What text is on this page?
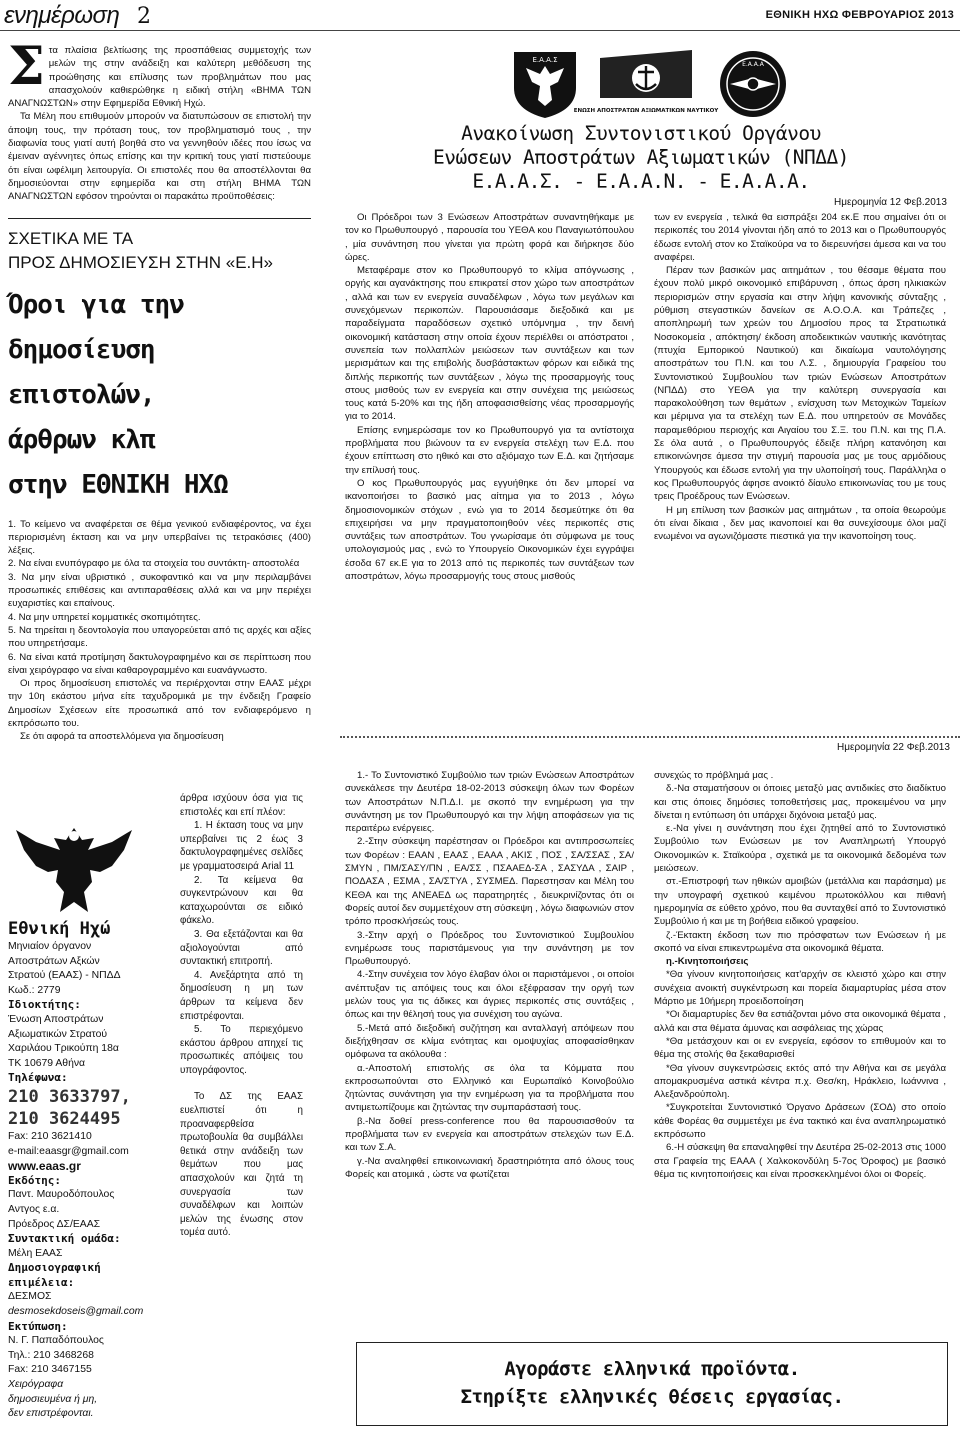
ενημέρωση 2	ΕΘΝΙΚΗ ΗΧΩ ΦΕΒΡΟΥΑΡΙΟΣ 2013

Στα πλαίσια βελτίωσης της προσπάθειας συμμετοχής των μελών της στην ανάδειξη και καλύτερη μεθόδευση της προώθησης και επίλυσης των προβλημάτων που μας απασχολούν καθιερώθηκε η ειδική στήλη «ΒΗΜΑ ΤΩΝ ΑΝΑΓΝΩΣΤΩΝ» στην Εφημερίδα Εθνική Ηχώ.

Τα Μέλη που επιθυμούν μπορούν να διατυπώσουν σε επιστολή την άποψη τους, την πρόταση τους, τον προβληματισμό τους , την διαφωνία τους γιατί αυτή βοηθά στο να γεννηθούν ιδέες που ίσως να έμειναν αγέννητες όπως επίσης και την κριτική τους γιατί πιστεύουμε ότι είναι ωφέλιμη λειτουργία. Οι επιστολές που θα αποστέλλονται θα δημοσιεύονται στην εφημερίδα και στη στήλη ΒΗΜΑ ΤΩΝ ΑΝΑΓΝΩΣΤΩΝ εφόσον τηρούνται οι παρακάτω προϋποθέσεις:

ΣΧΕΤΙΚΑ ΜΕ ΤΑ
ΠΡΟΣ ΔΗΜΟΣΙΕΥΣΗ ΣΤΗΝ «Ε.Η»
Όροι για την
δημοσίευση
επιστολών,
άρθρων κλπ
στην ΕΘΝΙΚΗ ΗΧΩ

1. Το κείμενο να αναφέρεται σε θέμα γενικού ενδιαφέροντος, να έχει περιορισμένη έκταση και να μην υπερβαίνει τις τετρακόσιες (400) λέξεις.

2. Να είναι ενυπόγραφο με όλα τα στοιχεία του συντάκτη- αποστολέα

3. Να μην είναι υβριστικό , συκοφαντικό και να μην περιλαμβάνει προσωπικές επιθέσεις και αντιπαραθέσεις αλλά και να μην περιέχει ευχαριστίες και επαίνους.

4. Να μην υπηρετεί κομματικές σκοπιμότητες.

5. Να τηρείται η δεοντολογία που υπαγορεύεται από τις αρχές και αξίες που υπηρετήσαμε.

6. Να είναι κατά προτίμηση δακτυλογραφημένο και σε περίπτωση που είναι χειρόγραφο να είναι καθαρογραμμένο και ευανάγνωστο.

Οι προς δημοσίευση επιστολές να περιέρχονται στην ΕΑΑΣ μέχρι την 10η εκάστου μήνα είτε ταχυδρομικά με την ένδειξη Γραφείο Δημοσίων Σχέσεων είτε προσωπικά από τον ενδιαφερόμενο η εκπρόσωπο του.

Σε ότι αφορά τα αποστελλόμενα για δημοσίευση

Εθνική Ηχώ
Μηνιαίον όργανον
Αποστράτων Αξκών
Στρατού (ΕΑΑΣ) - ΝΠΔΔ
Κωδ.: 2779
Ιδιοκτήτης:
Ένωση Αποστράτων
Αξιωματικών Στρατού
Χαριλάου Τρικούπη 18α
ΤΚ 10679 Αθήνα
Τηλέφωνα:
210 3633797,
210 3624495
Fax: 210 3621410
e-mail:eaasgr@gmail.com
www.eaas.gr
Εκδότης:
Παντ. Μαυροδόπουλος
Αντγος ε.α.
Πρόεδρος ΔΣ/ΕΑΑΣ
Συντακτική ομάδα:
Μέλη ΕΑΑΣ
Δημοσιογραφική
επιμέλεια:
ΔΕΣΜΟΣ
desmosekdoseis@gmail.com
Εκτύπωση:
Ν. Γ. Παπαδόπουλος
Τηλ.: 210 3468268
Fax: 210 3467155
Χειρόγραφα
δημοσιευμένα ή μη,
δεν επιστρέφονται.

άρθρα ισχύουν όσα για τις επιστολές και επί πλέον:

1. Η έκταση τους να μην υπερβαίνει τις 2 έως 3 δακτυλογραφημένες σελίδες με γραμματοσειρά Arial 11

2. Τα κείμενα θα συγκεντρώνουν και θα καταχωρούνται σε ειδικό φάκελο.

3. Θα εξετάζονται και θα αξιολογούνται από συντακτική επιτροπή.

4. Ανεξάρτητα από τη δημοσίευση η μη των άρθρων τα κείμενα δεν επιστρέφονται.

5. Το περιεχόμενο εκάστου άρθρου απηχεί τις προσωπικές απόψεις του υπογράφοντος.

Το ΔΣ της ΕΑΑΣ ευελπιστεί ότι η προαναφερθείσα πρωτοβουλία θα συμβάλλει θετικά στην ανάδειξη των θεμάτων που μας απασχολούν και ζητά τη συνεργασία των συναδέλφων και λοιπών μελών της ένωσης στον τομέα αυτό.

Ε.Α.Α.Σ
ΕΝΩΣΗ ΑΠΟΣΤΡΑΤΩΝ ΑΞΙΩΜΑΤΙΚΩΝ ΝΑΥΤΙΚΟΥ
Ε.Α.Α.Α
Ανακοίνωση Συντονιστικού Οργάνου
Ενώσεων Αποστράτων Αξιωματικών (ΝΠΔΔ)
Ε.Α.Α.Σ. - Ε.Α.Α.Ν. - Ε.Α.Α.Α.
Ημερομηνία 12 Φεβ.2013

Οι Πρόεδροι των 3 Ενώσεων Αποστράτων συναντηθήκαμε με τον κο Πρωθυπουργό , παρουσία του ΥΕΘΑ κου Παναγιωτόπουλου , μία συνάντηση που γίνεται για πρώτη φορά και διήρκησε δύο ώρες.

Μεταφέραμε στον κο Πρωθυπουργό το κλίμα απόγνωσης , οργής και αγανάκτησης που επικρατεί στον χώρο των αποστράτων , αλλά και των εν ενεργεία συναδέλφων , λόγω των μεγάλων και συνεχόμενων περικοπών. Παρουσιάσαμε διεξοδικά και με παραδείγματα παραδόσεων σχετικό υπόμνημα , την δεινή οικονομική κατάσταση στην οποία έχουν περιέλθει οι απόστρατοι , συνεπεία των πολλαπλών μειώσεων των συντάξεων και των μερισμάτων και της επιβολής δυσβάστακτων φόρων και ειδικά της διπλής περικοπής των συντάξεων , λόγω της προσαρμογής τους στους μισθούς των εν ενεργεία και στην συνέχεια της μειώσεως τους κατά 5-20% και της ήδη αποφασισθείσης νέας προσαρμογής για το 2014.

Επίσης ενημερώσαμε τον κο Πρωθυπουργό για τα αντίστοιχα προβλήματα που βιώνουν τα εν ενεργεία στελέχη των Ε.Δ. που έχουν επίπτωση στο ηθικό και στο αξιόμαχο των Ε.Δ. και ζητήσαμε την επίλυσή τους.

Ο κος Πρωθυπουργός μας εγγυήθηκε ότι δεν μπορεί να ικανοποιήσει το βασικό μας αίτημα για το 2013 , λόγω δημοσιονομικών στόχων , ενώ για το 2014 δεσμεύτηκε ότι θα επιχειρήσει να μην πραγματοποιηθούν νέες περικοπές στις συντάξεις των αποστράτων. Του γνωρίσαμε ότι σύμφωνα με τους υπολογισμούς μας , ενώ το Υπουργείο Οικονομικών έχει εγγράψει έσοδα 67 εκ.Ε για το 2013 από τις περικοπές των συντάξεων των αποστράτων, λόγω προσαρμογής τους στους μισθούς

των εν ενεργεία , τελικά θα εισπράξει 204 εκ.Ε που σημαίνει ότι οι περικοπές του 2014 γίνονται ήδη από το 2013 και ο Πρωθυπουργός έδωσε εντολή στον κο Σταϊκούρα να το διερευνήσει άμεσα και να του αναφέρει.

Πέραν των βασικών μας αιτημάτων , του θέσαμε θέματα που έχουν πολύ μικρό οικονομικό επιβάρυνση , όπως άρση ηλικιακών περιορισμών στην εργασία και στην λήψη κανονικής σύνταξης , ρύθμιση στεγαστικών δανείων σε Α.Ο.Ο.Α. και Τράπεζες , αποπληρωμή των χρεών του Δημοσίου προς τα Στρατιωτικά Νοσοκομεία , απόκτηση/ έκδοση αποδεικτικών ναυτικής ικανότητας (πτυχία Εμπορικού Ναυτικού) και δικαίωμα ναυτολόγησης αποστράτων του Π.Ν. και του Λ.Σ. , δημιουργία Γραφείου του Συντονιστικού Συμβουλίου των τριών Ενώσεων Αποστράτων (ΝΠΔΔ) στο ΥΕΘΑ για την καλύτερη συνεργασία και παρακολούθηση των θεμάτων , ενίσχυση των Μετοχικών Ταμείων και μέριμνα για τα στελέχη των Ε.Δ. που υπηρετούν σε Μονάδες παραμεθόριου περιοχής και Αιγαίου του Σ.Ξ. του Π.Ν. και της Π.Α. Σε όλα αυτά , ο Πρωθυπουργός έδειξε πλήρη κατανόηση και επικοινώνησε άμεσα την στιγμή παρουσία μας με τους αρμόδιους Υπουργούς και έδωσε εντολή για την υλοποίησή τους. Παράλληλα ο κος Πρωθυπουργός άφησε ανοικτό δίαυλο επικοινωνίας του με τους τρεις Προέδρους των Ενώσεων.

Η μη επίλυση των βασικών μας αιτημάτων , τα οποία θεωρούμε ότι είναι δίκαια , δεν μας ικανοποιεί και θα συνεχίσουμε όλοι μαζί ενωμένοι να αγωνιζόμαστε πιεστικά για την ικανοποίηση τους.

Ημερομηνία 22 Φεβ.2013

1.- Το Συντονιστικό Συμβούλιο των τριών Ενώσεων Αποστράτων συνεκάλεσε την Δευτέρα 18-02-2013 σύσκεψη όλων των Φορέων των Αποστράτων Ν.Π.Δ.Ι. με σκοπό την ενημέρωση για την συνάντηση με τον Πρωθυπουργό και την λήψη αποφάσεων για τις περαιτέρω ενέργειες.

2.-Στην σύσκεψη παρέστησαν οι Πρόεδροι και αντιπροσωπείες των Φορέων : ΕΑΑΝ , ΕΑΑΣ , ΕΑΑΑ , ΑΚΙΣ , ΠΟΣ , ΣΑ/ΣΣΑΣ , ΣΑ/ΣΜΥΝ , ΠΜ/ΣΑΣΥ/ΠΝ , ΕΑ/ΣΣ , ΠΣΑΑΕΔ-ΣΑ , ΣΑΣΥΔΑ , ΣΑΙΡ , ΠΟΔΑΣΑ , ΕΣΜΑ , ΣΑ/ΣΤΥΑ , ΣΥΣΜΕΔ. Παρεστησαν και Μέλη του ΚΕΘΑ και της ΑΝΕΑΕΔ ως παρατηρητές , διευκρινίζοντας ότι οι Φορείς αυτοί δεν συμμετέχουν στη σύσκεψη , λόγω διαφωνιών στον τρόπο προσκλήσεώς τους.

3.-Στην αρχή ο Πρόεδρος του Συντονιστικού Συμβουλίου ενημέρωσε τους παριστάμενους για την συνάντηση με τον Πρωθυπουργό.

4.-Στην συνέχεια τον λόγο έλαβαν όλοι οι παριστάμενοι , οι οποίοι ανέπτυξαν τις απόψεις τους και όλοι εξέφρασαν την οργή των μελών τους για τις άδικες και άγριες περικοπές στις συντάξεις , όπως και την θέλησή τους για συνέχιση του αγώνα.

5.-Μετά από διεξοδική συζήτηση και ανταλλαγή απόψεων που διεξήχθησαν σε κλίμα ενότητας και ομοψυχίας αποφασίσθηκαν ομόφωνα τα ακόλουθα :

α.-Αποστολή επιστολής σε όλα τα Κόμματα που εκπροσωπούνται στο Ελληνικό και Ευρωπαϊκό Κοινοβούλιο ζητώντας συνάντηση για την ενημέρωση για τα προβλήματα που αντιμετωπίζουμε και ζητώντας την συμπαράστασή τους.

β.-Να δοθεί press-conference που θα παρουσιασθούν τα προβλήματα των εν ενεργεία και αποστράτων στελεχών των Ε.Δ. και των Σ.Α.

γ.-Να αναληφθεί επικοινωνιακή δραστηριότητα από όλους τους Φορείς και ατομικά , ώστε να φωτίζεται

συνεχώς το πρόβλημά μας .

δ.-Να σταματήσουν οι όποιες μεταξύ μας αντιδικίες στο διαδίκτυο και στις όποιες δημόσιες τοποθετήσεις μας, προκειμένου να μην δίνεται η εντύπωση ότι υπάρχει διχόνοια μεταξύ μας.

ε.-Να γίνει η συνάντηση που έχει ζητηθεί από το Συντονιστικό Συμβούλιο των Ενώσεων με τον Αναπληρωτή Υπουργό Οικονομικών κ. Σταϊκούρα , σχετικά με τα οικονομικά δεδομένα των μειώσεων.

στ.-Επιστροφή των ηθικών αμοιβών (μετάλλια και παράσημα) με την υπογραφή σχετικού κειμένου πρωτοκόλλου και πιθανή ημερομηνία σε εύθετο χρόνο, που θα συνταχθεί από το Συντονιστικό Συμβούλιο ή και με τη βοήθεια ειδικού γραφείου.

ζ.-Έκτακτη έκδοση των πιο πρόσφατων των Ενώσεων ή με σκοπό να είναι επικεντρωμένα στα οικονομικά θέματα.

η.-Κινητοποιήσεις

*Θα γίνουν κινητοποιήσεις κατ'αρχήν σε κλειστό χώρο και στην συνέχεια ανοικτή συγκέντρωση και πορεία διαμαρτυρίας μέσα στον Μάρτιο με 10ήμερη προειδοποίηση

*Οι διαμαρτυρίες δεν θα εστιάζονται μόνο στα οικονομικά θέματα , αλλά και στα θέματα άμυνας και ασφάλειας της χώρας

*Θα μετάσχουν και οι εν ενεργεία, εφόσον το επιθυμούν και το θέμα της στολής θα ξεκαθαρισθεί

*Θα γίνουν συγκεντρώσεις εκτός από την Αθήνα και σε μεγάλα απομακρυσμένα αστικά κέντρα π.χ. Θεσ/κη, Ηράκλειο, Ιωάννινα , Αλεξανδρούπολη.

*Συγκροτείται Συντονιστικό Όργανο Δράσεων (ΣΟΔ) στο οποίο κάθε Φορέας θα συμμετέχει με ένα τακτικό και ένα αναπληρωματικό εκπρόσωπο

6.-Η σύσκεψη θα επαναληφθεί την Δευτέρα 25-02-2013 στις 1000 στα Γραφεία της ΕΑΑΑ ( Χαλκοκονδύλη 5-7ος Όροφος) με βασικό θέμα τις κινητοποιήσεις και είναι προσκεκλημένοι όλοι οι Φορείς.

Αγοράστε ελληνικά προϊόντα.
Στηρίξτε ελληνικές θέσεις εργασίας.
